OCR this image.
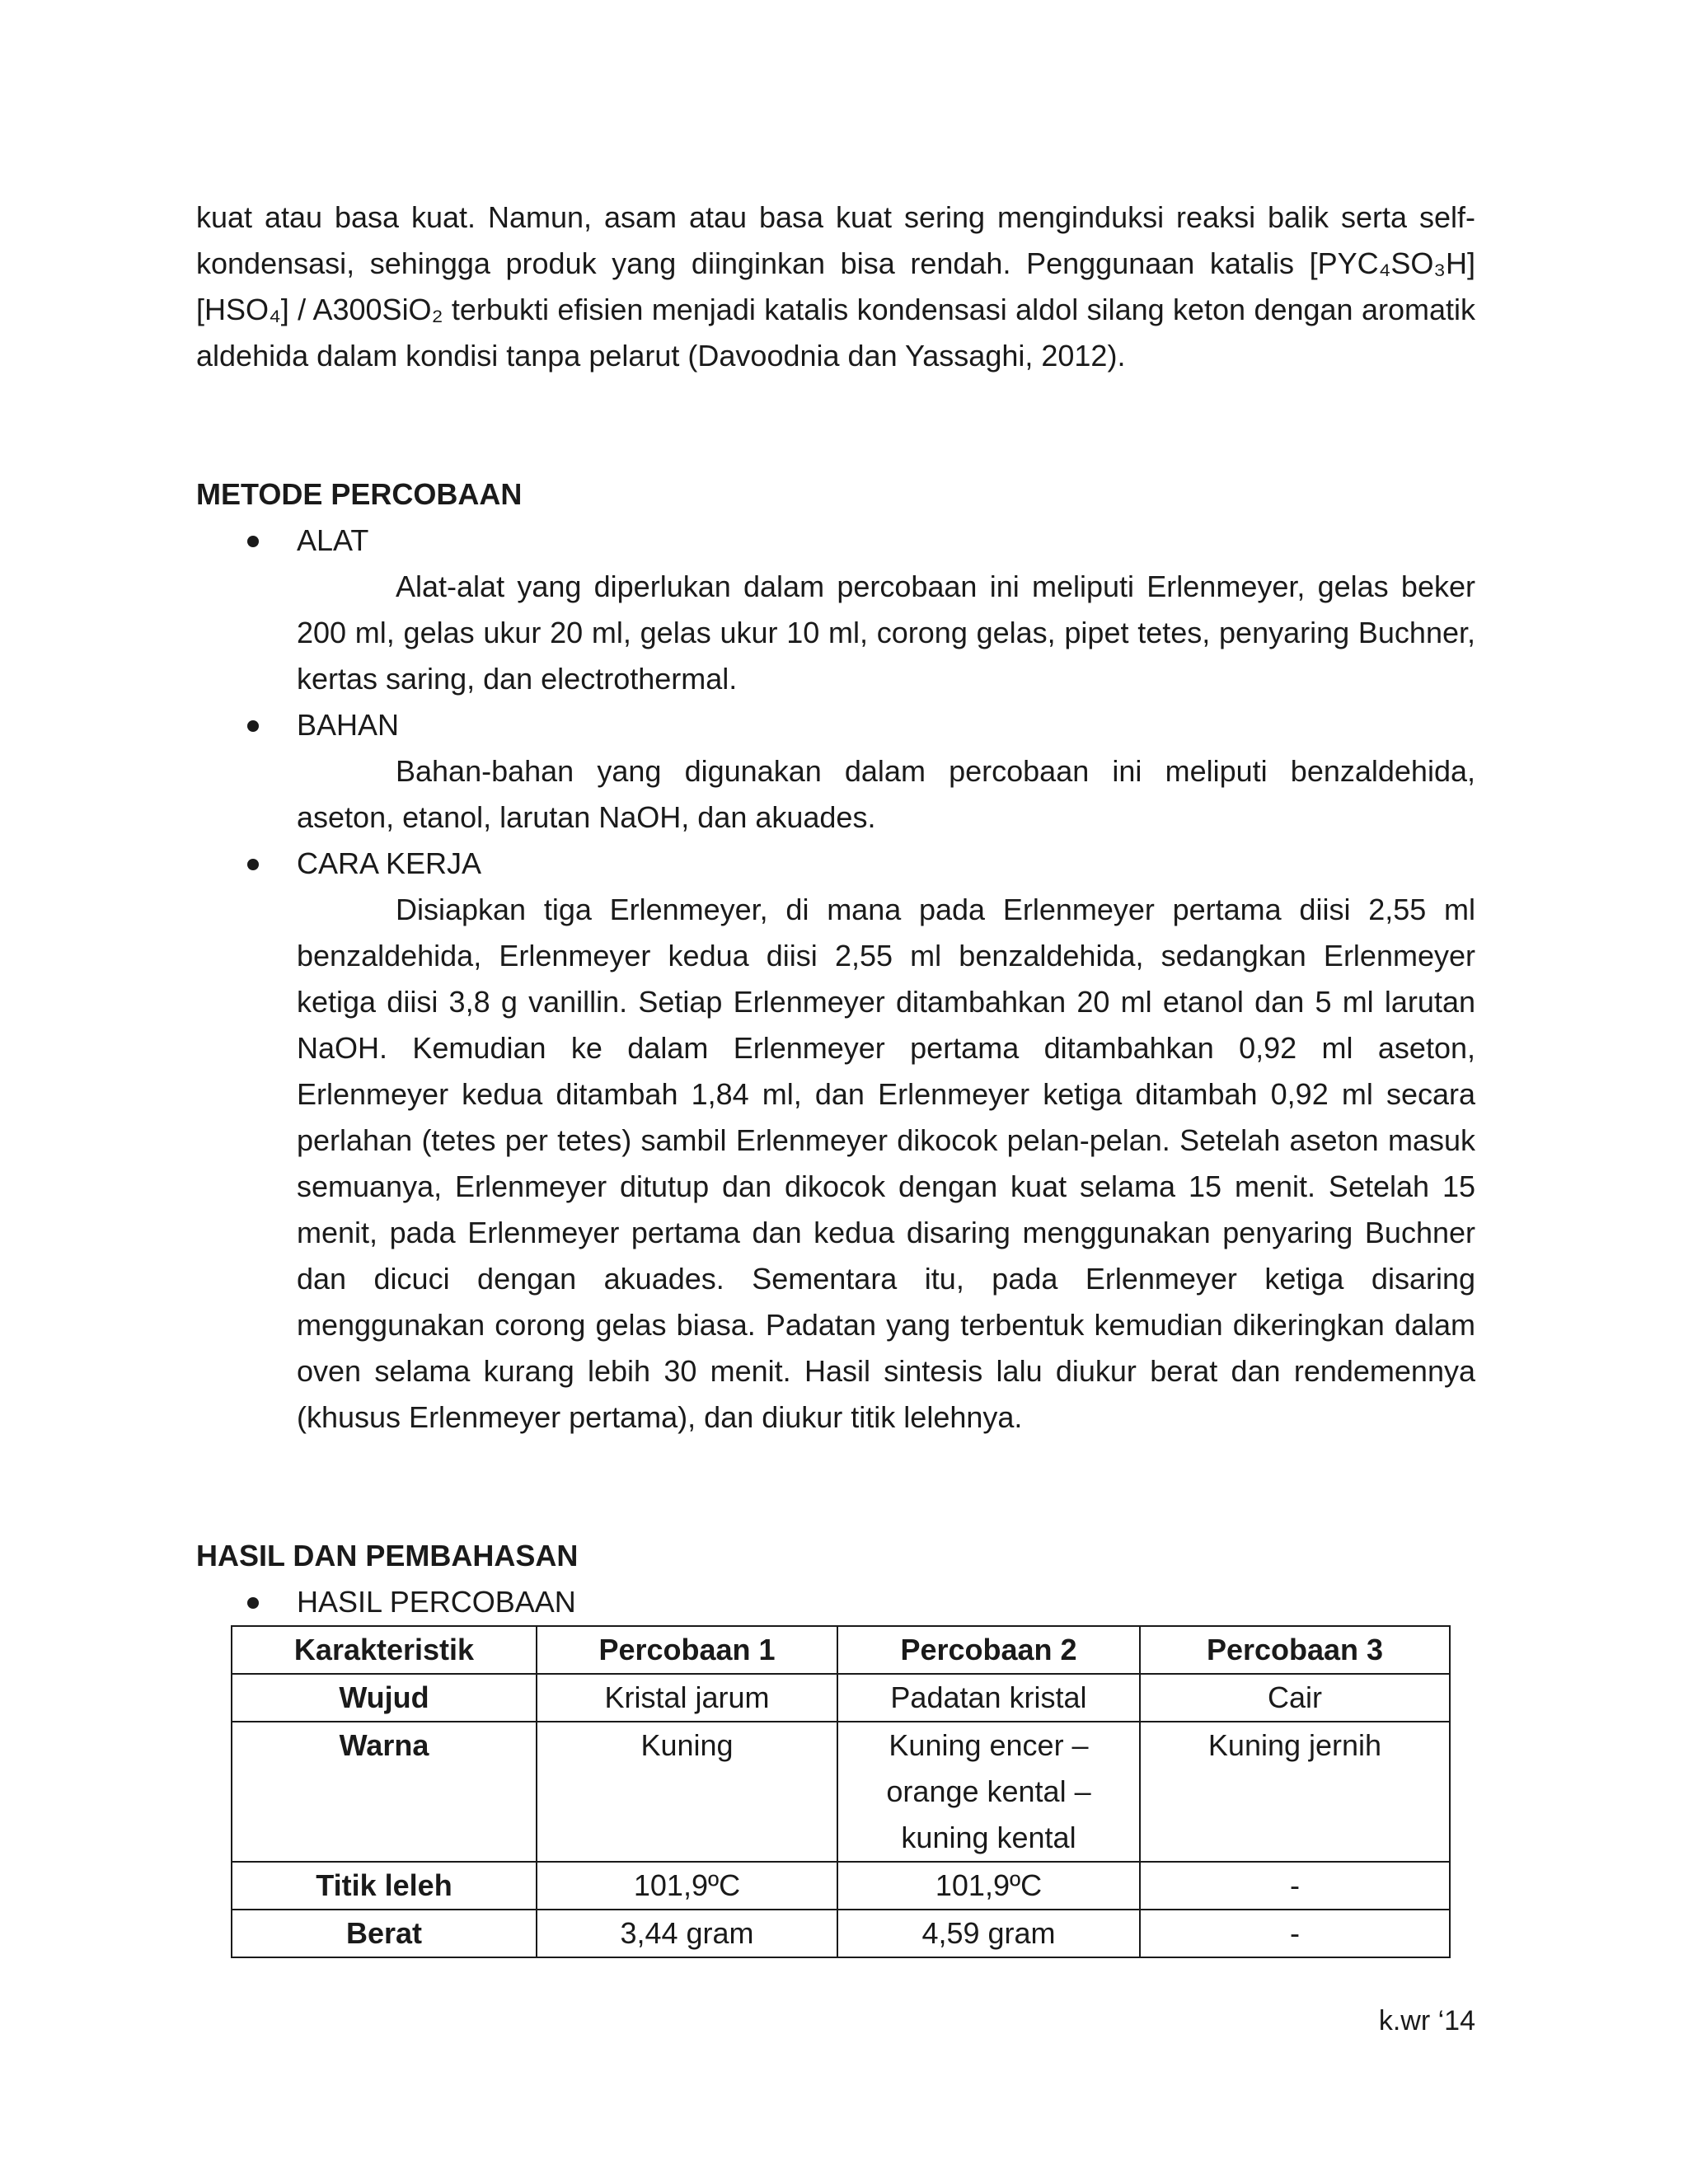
kuat atau basa kuat. Namun, asam atau basa kuat sering menginduksi reaksi balik serta self-kondensasi, sehingga produk yang diinginkan bisa rendah. Penggunaan katalis [PYC₄SO₃H][HSO₄] / A300SiO₂ terbukti efisien menjadi katalis kondensasi aldol silang keton dengan aromatik aldehida dalam kondisi tanpa pelarut (Davoodnia dan Yassaghi, 2012).

METODE PERCOBAAN

ALAT

Alat-alat yang diperlukan dalam percobaan ini meliputi Erlenmeyer, gelas beker 200 ml, gelas ukur 20 ml, gelas ukur 10 ml, corong gelas, pipet tetes, penyaring Buchner, kertas saring, dan electrothermal.

BAHAN

Bahan-bahan yang digunakan dalam percobaan ini meliputi benzaldehida, aseton, etanol, larutan NaOH, dan akuades.

CARA KERJA

Disiapkan tiga Erlenmeyer, di mana pada Erlenmeyer pertama diisi 2,55 ml benzaldehida, Erlenmeyer kedua diisi 2,55 ml benzaldehida, sedangkan Erlenmeyer ketiga diisi 3,8 g vanillin. Setiap Erlenmeyer ditambahkan 20 ml etanol dan 5 ml larutan NaOH. Kemudian ke dalam Erlenmeyer pertama ditambahkan 0,92 ml aseton, Erlenmeyer kedua ditambah 1,84 ml, dan Erlenmeyer ketiga ditambah 0,92 ml secara perlahan (tetes per tetes) sambil Erlenmeyer dikocok pelan-pelan. Setelah aseton masuk semuanya, Erlenmeyer ditutup dan dikocok dengan kuat selama 15 menit. Setelah 15 menit, pada Erlenmeyer pertama dan kedua disaring menggunakan penyaring Buchner dan dicuci dengan akuades. Sementara itu, pada Erlenmeyer ketiga disaring menggunakan corong gelas biasa. Padatan yang terbentuk kemudian dikeringkan dalam oven selama kurang lebih 30 menit. Hasil sintesis lalu diukur berat dan rendemennya (khusus Erlenmeyer pertama), dan diukur titik lelehnya.

HASIL DAN PEMBAHASAN

HASIL PERCOBAAN

Karakteristik	Percobaan 1	Percobaan 2	Percobaan 3
Wujud	Kristal jarum	Padatan kristal	Cair
Warna	Kuning	Kuning encer – orange kental – kuning kental	Kuning jernih
Titik leleh	101,9ºC	101,9ºC	-
Berat	3,44 gram	4,59 gram	-
k.wr ‘14
